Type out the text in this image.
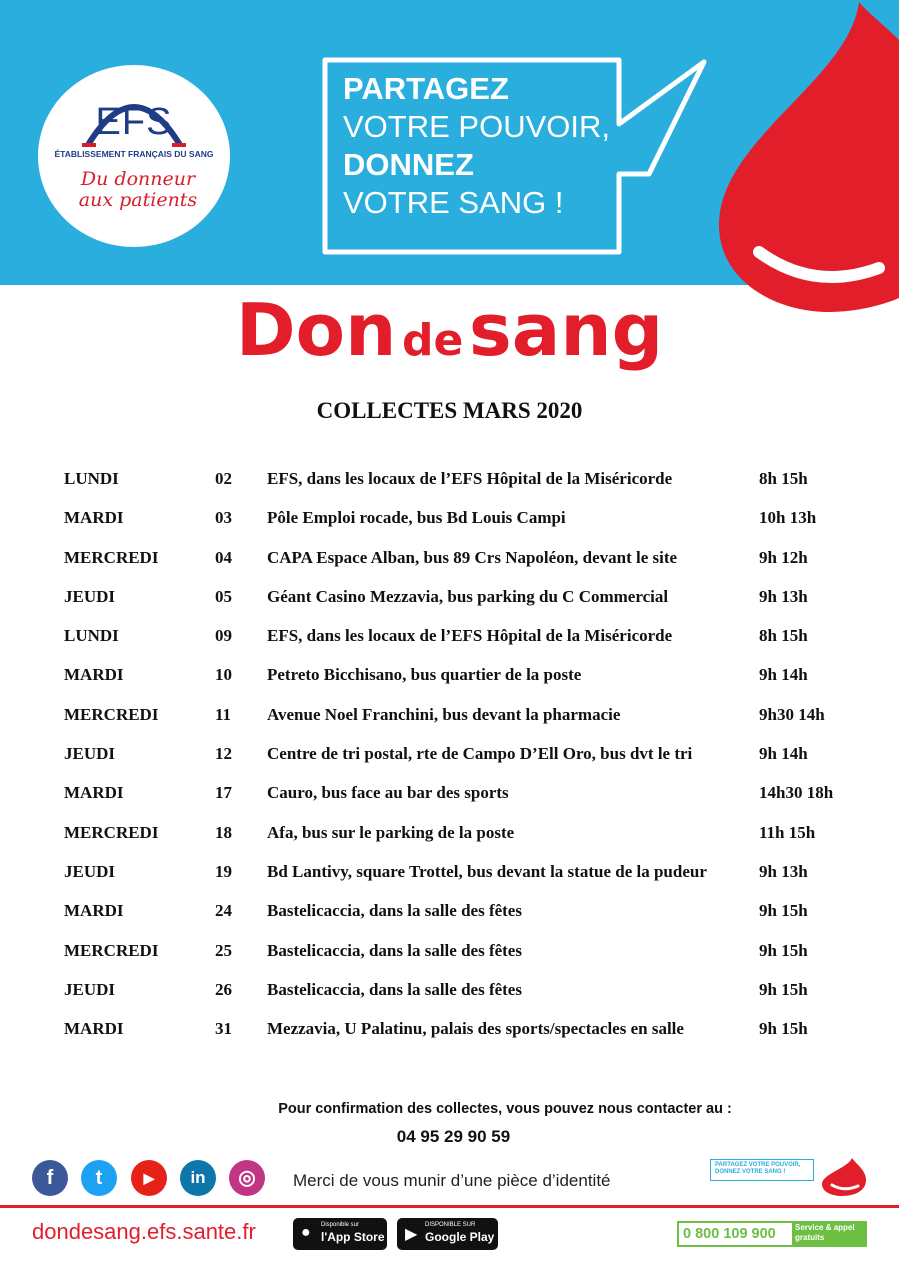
EFS
ÉTABLISSEMENT FRANÇAIS DU SANG
Du donneur
aux patients
PARTAGEZ
VOTRE POUVOIR,
DONNEZ
VOTRE SANG !
Don de sang
COLLECTES MARS 2020
LUNDI	02 EFS, dans les locaux de l’EFS Hôpital de la Miséricorde	8h 15h
MARDI	03 Pôle Emploi rocade, bus Bd Louis Campi	10h 13h
MERCREDI	04 CAPA Espace Alban, bus 89 Crs Napoléon, devant le site	9h 12h
JEUDI	05 Géant Casino Mezzavia, bus parking du C Commercial	9h 13h
LUNDI	09 EFS, dans les locaux de l’EFS Hôpital de la Miséricorde	8h 15h
MARDI	10 Petreto Bicchisano, bus quartier de la poste	9h 14h
MERCREDI	11 Avenue Noel Franchini, bus devant la pharmacie	9h30 14h
JEUDI	12 Centre de tri postal, rte de Campo D’Ell Oro, bus dvt le tri	9h 14h
MARDI	17 Cauro, bus face au bar des sports	14h30 18h
MERCREDI	18 Afa, bus sur le parking de la poste	11h 15h
JEUDI	19 Bd Lantivy, square Trottel, bus devant la statue de la pudeur	9h 13h
MARDI	24 Bastelicaccia, dans la salle des fêtes	9h 15h
MERCREDI	25 Bastelicaccia, dans la salle des fêtes	9h 15h
JEUDI	26 Bastelicaccia, dans la salle des fêtes	9h 15h
MARDI	31 Mezzavia, U Palatinu, palais des sports/spectacles en salle	9h 15h
Pour confirmation des collectes, vous pouvez nous contacter au :
04 95 29 90 59
f	t	▶	in	◎	Merci de vous munir d’une pièce d’identité
PARTAGEZ VOTRE POUVOIR,
DONNEZ VOTRE SANG !
dondesang.efs.sante.fr	● Disponible sur
l'App Store ▶
DISPONIBLE SUR
Google Play	0 800 109 900	Service & appel gratuits
